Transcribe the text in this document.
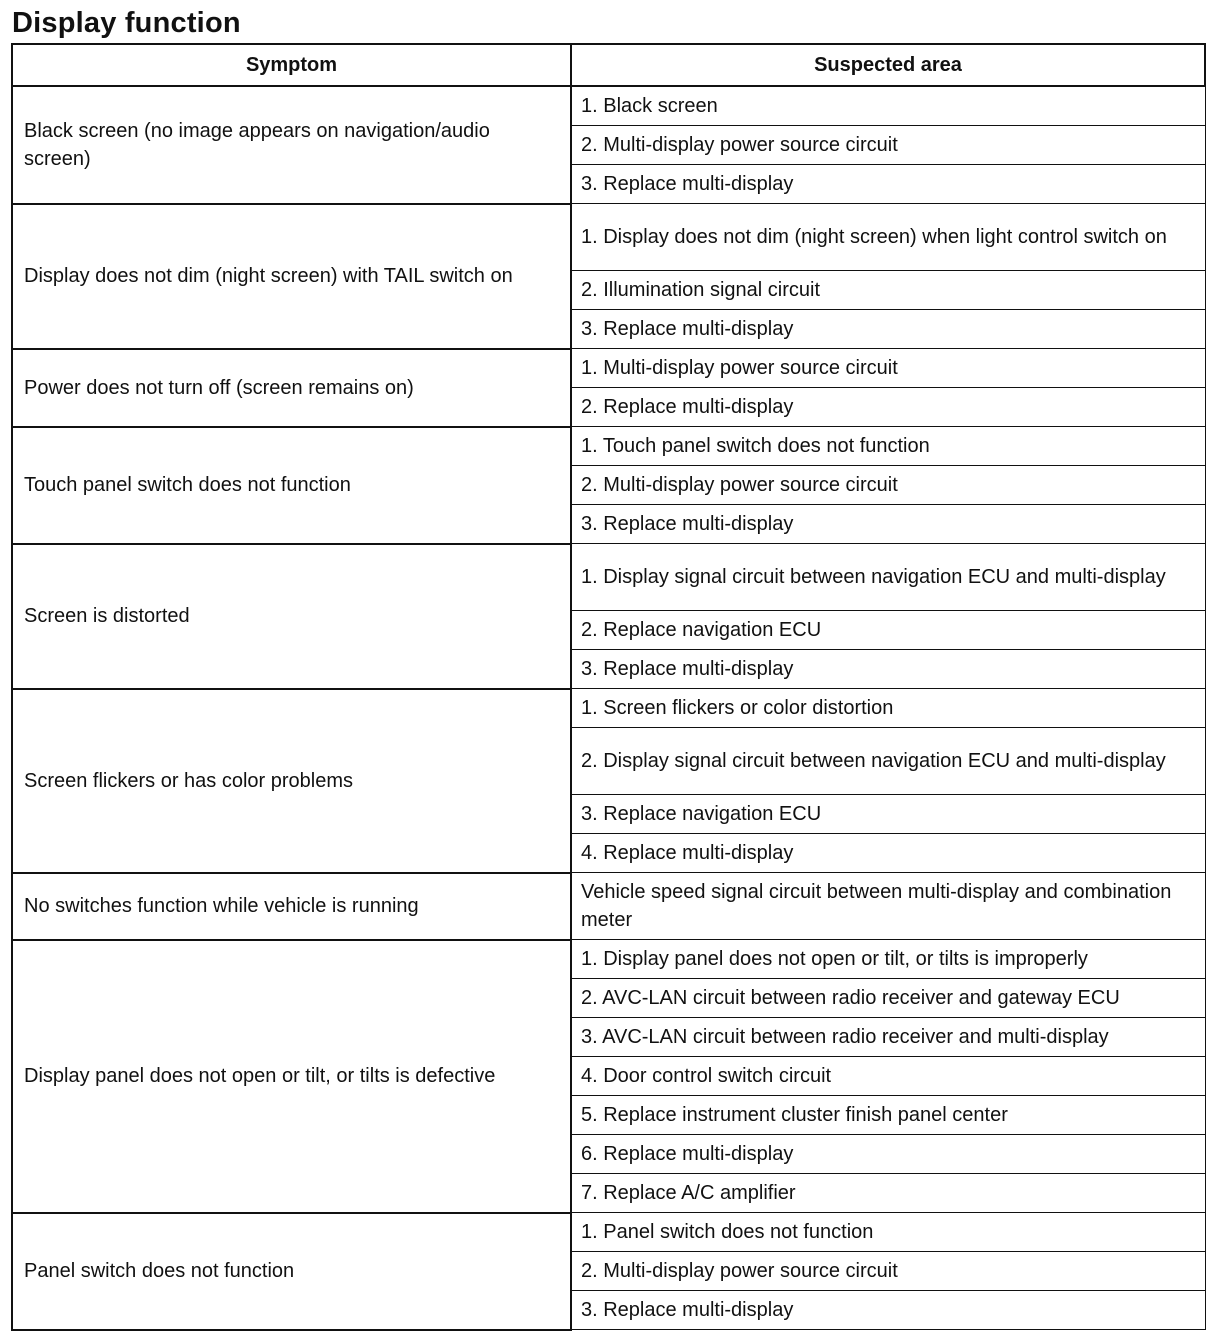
Display function
Symptom	Suspected area
Black screen (no image appears on navigation/audio screen)	1. Black screen
	2. Multi-display power source circuit
	3. Replace multi-display
Display does not dim (night screen) with TAIL switch on	1. Display does not dim (night screen) when light control switch on
	2. Illumination signal circuit
	3. Replace multi-display
Power does not turn off (screen remains on)	1. Multi-display power source circuit
	2. Replace multi-display
Touch panel switch does not function	1. Touch panel switch does not function
	2. Multi-display power source circuit
	3. Replace multi-display
Screen is distorted	1. Display signal circuit between navigation ECU and multi-display
	2. Replace navigation ECU
	3. Replace multi-display
Screen flickers or has color problems	1. Screen flickers or color distortion
	2. Display signal circuit between navigation ECU and multi-display
	3. Replace navigation ECU
	4. Replace multi-display
No switches function while vehicle is running	Vehicle speed signal circuit between multi-display and combination meter
Display panel does not open or tilt, or tilts is defective	1. Display panel does not open or tilt, or tilts is improperly
	2. AVC-LAN circuit between radio receiver and gateway ECU
	3. AVC-LAN circuit between radio receiver and multi-display
	4. Door control switch circuit
	5. Replace instrument cluster finish panel center
	6. Replace multi-display
	7. Replace A/C amplifier
Panel switch does not function	1. Panel switch does not function
	2. Multi-display power source circuit
	3. Replace multi-display
